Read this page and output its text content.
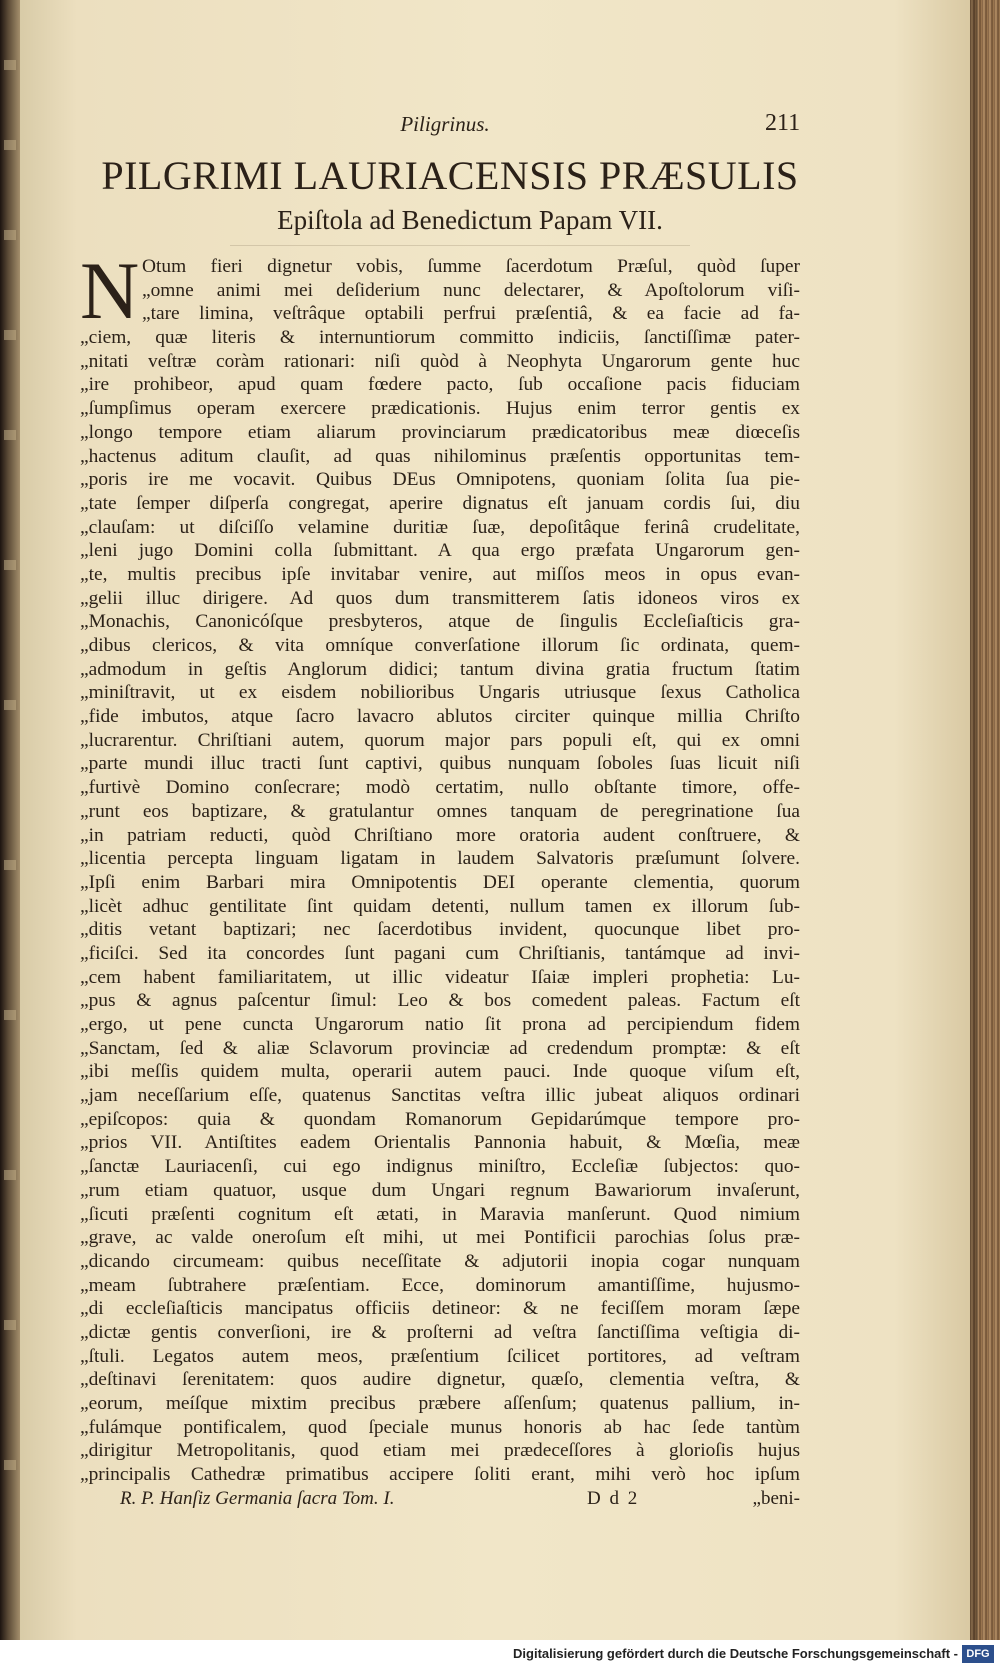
Piligrinus.	211
PILGRIMI LAURIACENSIS PRÆSULIS
Epiſtola ad Benedictum Papam VII.
N Otum fieri dignetur vobis, ſumme ſacerdotum Præſul, quòd ſuper
„omne animi mei deſiderium nunc delectarer, & Apoſtolorum viſi-
„tare limina, veſtrâque optabili perfrui præſentiâ, & ea facie ad fa-
„ciem, quæ literis & internuntiorum committo indiciis, ſanctiſſimæ pater-
„nitati veſtræ coràm rationari: niſi quòd à Neophyta Ungarorum gente huc
„ire prohibeor, apud quam fœdere pacto, ſub occaſione pacis fiduciam
„ſumpſimus operam exercere prædicationis. Hujus enim terror gentis ex
„longo tempore etiam aliarum provinciarum prædicatoribus meæ diœceſis
„hactenus aditum clauſit, ad quas nihilominus præſentis opportunitas tem-
„poris ire me vocavit. Quibus DEus Omnipotens, quoniam ſolita ſua pie-
„tate ſemper diſperſa congregat, aperire dignatus eſt januam cordis ſui, diu
„clauſam: ut diſciſſo velamine duritiæ ſuæ, depoſitâque ferinâ crudelitate,
„leni jugo Domini colla ſubmittant. A qua ergo præfata Ungarorum gen-
„te, multis precibus ipſe invitabar venire, aut miſſos meos in opus evan-
„gelii illuc dirigere. Ad quos dum transmitterem ſatis idoneos viros ex
„Monachis, Canonicóſque presbyteros, atque de ſingulis Eccleſiaſticis gra-
„dibus clericos, & vita omníque converſatione illorum ſic ordinata, quem-
„admodum in geſtis Anglorum didici; tantum divina gratia fructum ſtatim
„miniſtravit, ut ex eisdem nobilioribus Ungaris utriusque ſexus Catholica
„fide imbutos, atque ſacro lavacro ablutos circiter quinque millia Chriſto
„lucrarentur. Chriſtiani autem, quorum major pars populi eſt, qui ex omni
„parte mundi illuc tracti ſunt captivi, quibus nunquam ſoboles ſuas licuit niſi
„furtivè Domino conſecrare; modò certatim, nullo obſtante timore, offe-
„runt eos baptizare, & gratulantur omnes tanquam de peregrinatione ſua
„in patriam reducti, quòd Chriſtiano more oratoria audent conſtruere, &
„licentia percepta linguam ligatam in laudem Salvatoris præſumunt ſolvere.
„Ipſi enim Barbari mira Omnipotentis DEI operante clementia, quorum
„licèt adhuc gentilitate ſint quidam detenti, nullum tamen ex illorum ſub-
„ditis vetant baptizari; nec ſacerdotibus invident, quocunque libet pro-
„ficiſci. Sed ita concordes ſunt pagani cum Chriſtianis, tantámque ad invi-
„cem habent familiaritatem, ut illic videatur Iſaiæ impleri prophetia: Lu-
„pus & agnus paſcentur ſimul: Leo & bos comedent paleas. Factum eſt
„ergo, ut pene cuncta Ungarorum natio ſit prona ad percipiendum fidem
„Sanctam, ſed & aliæ Sclavorum provinciæ ad credendum promptæ: & eſt
„ibi meſſis quidem multa, operarii autem pauci. Inde quoque viſum eſt,
„jam neceſſarium eſſe, quatenus Sanctitas veſtra illic jubeat aliquos ordinari
„epiſcopos: quia & quondam Romanorum Gepidarúmque tempore pro-
„prios VII. Antiſtites eadem Orientalis Pannonia habuit, & Mœſia, meæ
„ſanctæ Lauriacenſi, cui ego indignus miniſtro, Eccleſiæ ſubjectos: quo-
„rum etiam quatuor, usque dum Ungari regnum Bawariorum invaſerunt,
„ſicuti præſenti cognitum eſt ætati, in Maravia manſerunt. Quod nimium
„grave, ac valde oneroſum eſt mihi, ut mei Pontificii parochias ſolus præ-
„dicando circumeam: quibus neceſſitate & adjutorii inopia cogar nunquam
„meam ſubtrahere præſentiam. Ecce, dominorum amantiſſime, hujusmo-
„di eccleſiaſticis mancipatus officiis detineor: & ne feciſſem moram ſæpe
„dictæ gentis converſioni, ire & proſterni ad veſtra ſanctiſſima veſtigia di-
„ſtuli. Legatos autem meos, præſentium ſcilicet portitores, ad veſtram
„deſtinavi ſerenitatem: quos audire dignetur, quæſo, clementia veſtra, &
„eorum, meíſque mixtim precibus præbere aſſenſum; quatenus pallium, in-
„fulámque pontificalem, quod ſpeciale munus honoris ab hac ſede tantùm
„dirigitur Metropolitanis, quod etiam mei prædeceſſores à glorioſis hujus
„principalis Cathedræ primatibus accipere ſoliti erant, mihi verò hoc ipſum
R. P. Hanſiz Germania ſacra Tom. I.	D d 2	„beni-
Digitalisierung gefördert durch die Deutsche Forschungsgemeinschaft - DFG
